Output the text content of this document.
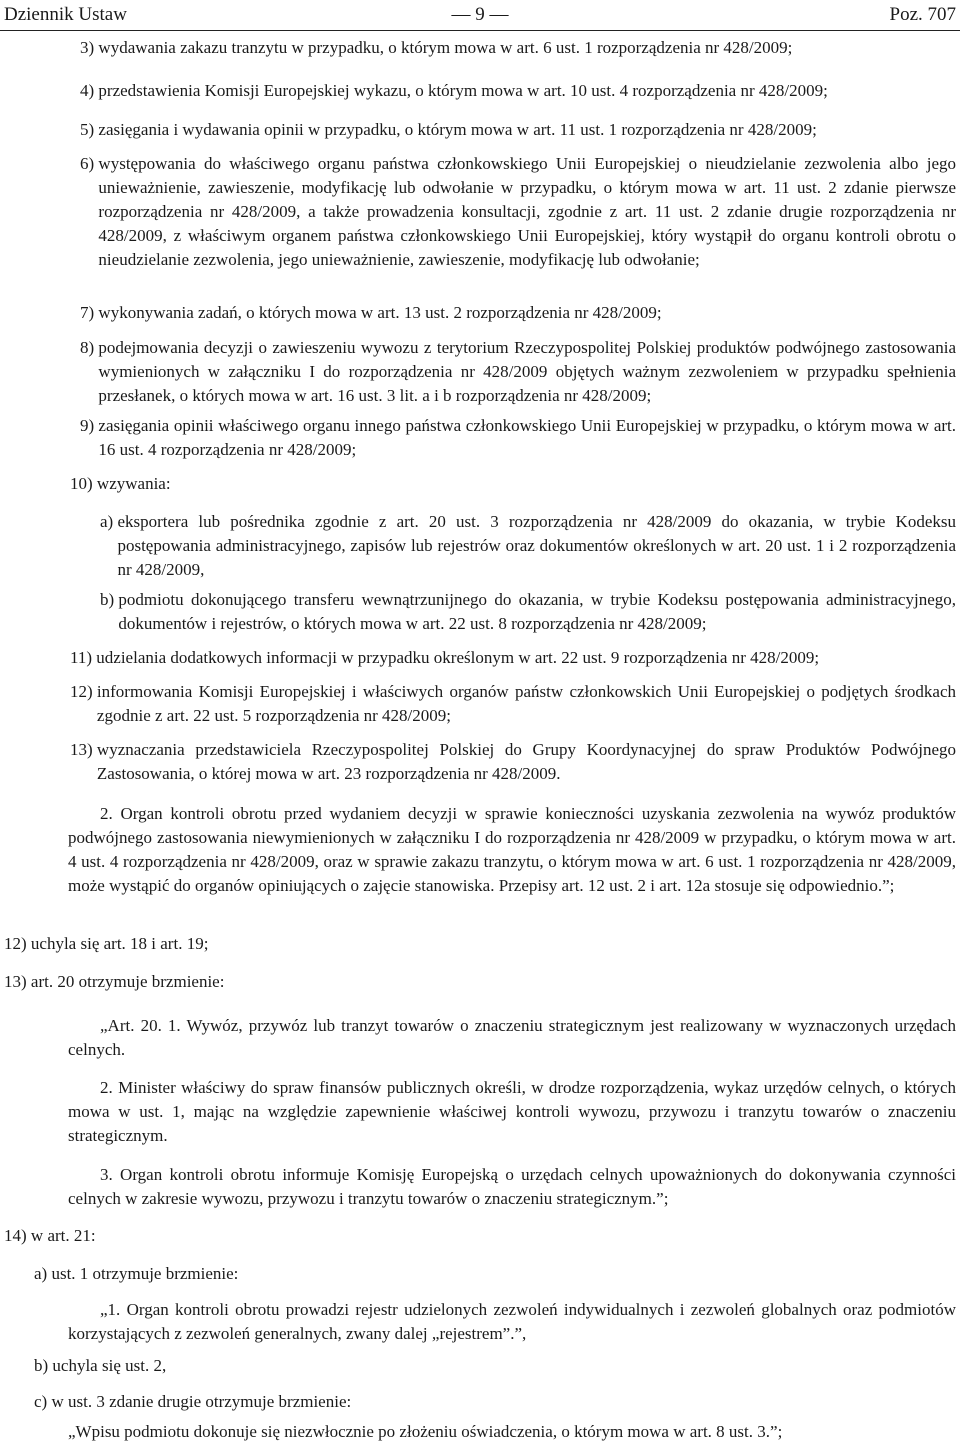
Dziennik Ustaw	— 9 —	Poz. 707
3) wydawania zakazu tranzytu w przypadku, o którym mowa w art. 6 ust. 1 rozporządzenia nr 428/2009;
4) przedstawienia Komisji Europejskiej wykazu, o którym mowa w art. 10 ust. 4 rozporządzenia nr 428/2009;
5) zasięgania i wydawania opinii w przypadku, o którym mowa w art. 11 ust. 1 rozporządzenia nr 428/2009;
6) występowania do właściwego organu państwa członkowskiego Unii Europejskiej o nieudzielanie zezwolenia albo jego unieważnienie, zawieszenie, modyfikację lub odwołanie w przypadku, o którym mowa w art. 11 ust. 2 zdanie pierwsze rozporządzenia nr 428/2009, a także prowadzenia konsultacji, zgodnie z art. 11 ust. 2 zdanie drugie rozporządzenia nr 428/2009, z właściwym organem państwa członkowskiego Unii Europejskiej, który wystąpił do organu kontroli obrotu o nieudzielanie zezwolenia, jego unieważnienie, zawieszenie, modyfikację lub odwołanie;
7) wykonywania zadań, o których mowa w art. 13 ust. 2 rozporządzenia nr 428/2009;
8) podejmowania decyzji o zawieszeniu wywozu z terytorium Rzeczypospolitej Polskiej produktów podwójnego zastosowania wymienionych w załączniku I do rozporządzenia nr 428/2009 objętych ważnym zezwoleniem w przypadku spełnienia przesłanek, o których mowa w art. 16 ust. 3 lit. a i b rozporządzenia nr 428/2009;
9) zasięgania opinii właściwego organu innego państwa członkowskiego Unii Europejskiej w przypadku, o którym mowa w art. 16 ust. 4 rozporządzenia nr 428/2009;
10) wzywania:
a) eksportera lub pośrednika zgodnie z art. 20 ust. 3 rozporządzenia nr 428/2009 do okazania, w trybie Kodeksu postępowania administracyjnego, zapisów lub rejestrów oraz dokumentów określonych w art. 20 ust. 1 i 2 rozporządzenia nr 428/2009,
b) podmiotu dokonującego transferu wewnątrzunijnego do okazania, w trybie Kodeksu postępowania administracyjnego, dokumentów i rejestrów, o których mowa w art. 22 ust. 8 rozporządzenia nr 428/2009;
11) udzielania dodatkowych informacji w przypadku określonym w art. 22 ust. 9 rozporządzenia nr 428/2009;
12) informowania Komisji Europejskiej i właściwych organów państw członkowskich Unii Europejskiej o podjętych środkach zgodnie z art. 22 ust. 5 rozporządzenia nr 428/2009;
13) wyznaczania przedstawiciela Rzeczypospolitej Polskiej do Grupy Koordynacyjnej do spraw Produktów Podwójnego Zastosowania, o której mowa w art. 23 rozporządzenia nr 428/2009.
2. Organ kontroli obrotu przed wydaniem decyzji w sprawie konieczności uzyskania zezwolenia na wywóz produktów podwójnego zastosowania niewymienionych w załączniku I do rozporządzenia nr 428/2009 w przypadku, o którym mowa w art. 4 ust. 4 rozporządzenia nr 428/2009, oraz w sprawie zakazu tranzytu, o którym mowa w art. 6 ust. 1 rozporządzenia nr 428/2009, może wystąpić do organów opiniujących o zajęcie stanowiska. Przepisy art. 12 ust. 2 i art. 12a stosuje się odpowiednio.”;
12) uchyla się art. 18 i art. 19;
13) art. 20 otrzymuje brzmienie:
„Art. 20. 1. Wywóz, przywóz lub tranzyt towarów o znaczeniu strategicznym jest realizowany w wyznaczonych urzędach celnych.
2. Minister właściwy do spraw finansów publicznych określi, w drodze rozporządzenia, wykaz urzędów celnych, o których mowa w ust. 1, mając na względzie zapewnienie właściwej kontroli wywozu, przywozu i tranzytu towarów o znaczeniu strategicznym.
3. Organ kontroli obrotu informuje Komisję Europejską o urzędach celnych upoważnionych do dokonywania czynności celnych w zakresie wywozu, przywozu i tranzytu towarów o znaczeniu strategicznym.”;
14) w art. 21:
a) ust. 1 otrzymuje brzmienie:
„1. Organ kontroli obrotu prowadzi rejestr udzielonych zezwoleń indywidualnych i zezwoleń globalnych oraz podmiotów korzystających z zezwoleń generalnych, zwany dalej „rejestrem”.”,
b) uchyla się ust. 2,
c) w ust. 3 zdanie drugie otrzymuje brzmienie:
„Wpisu podmiotu dokonuje się niezwłocznie po złożeniu oświadczenia, o którym mowa w art. 8 ust. 3.”;
